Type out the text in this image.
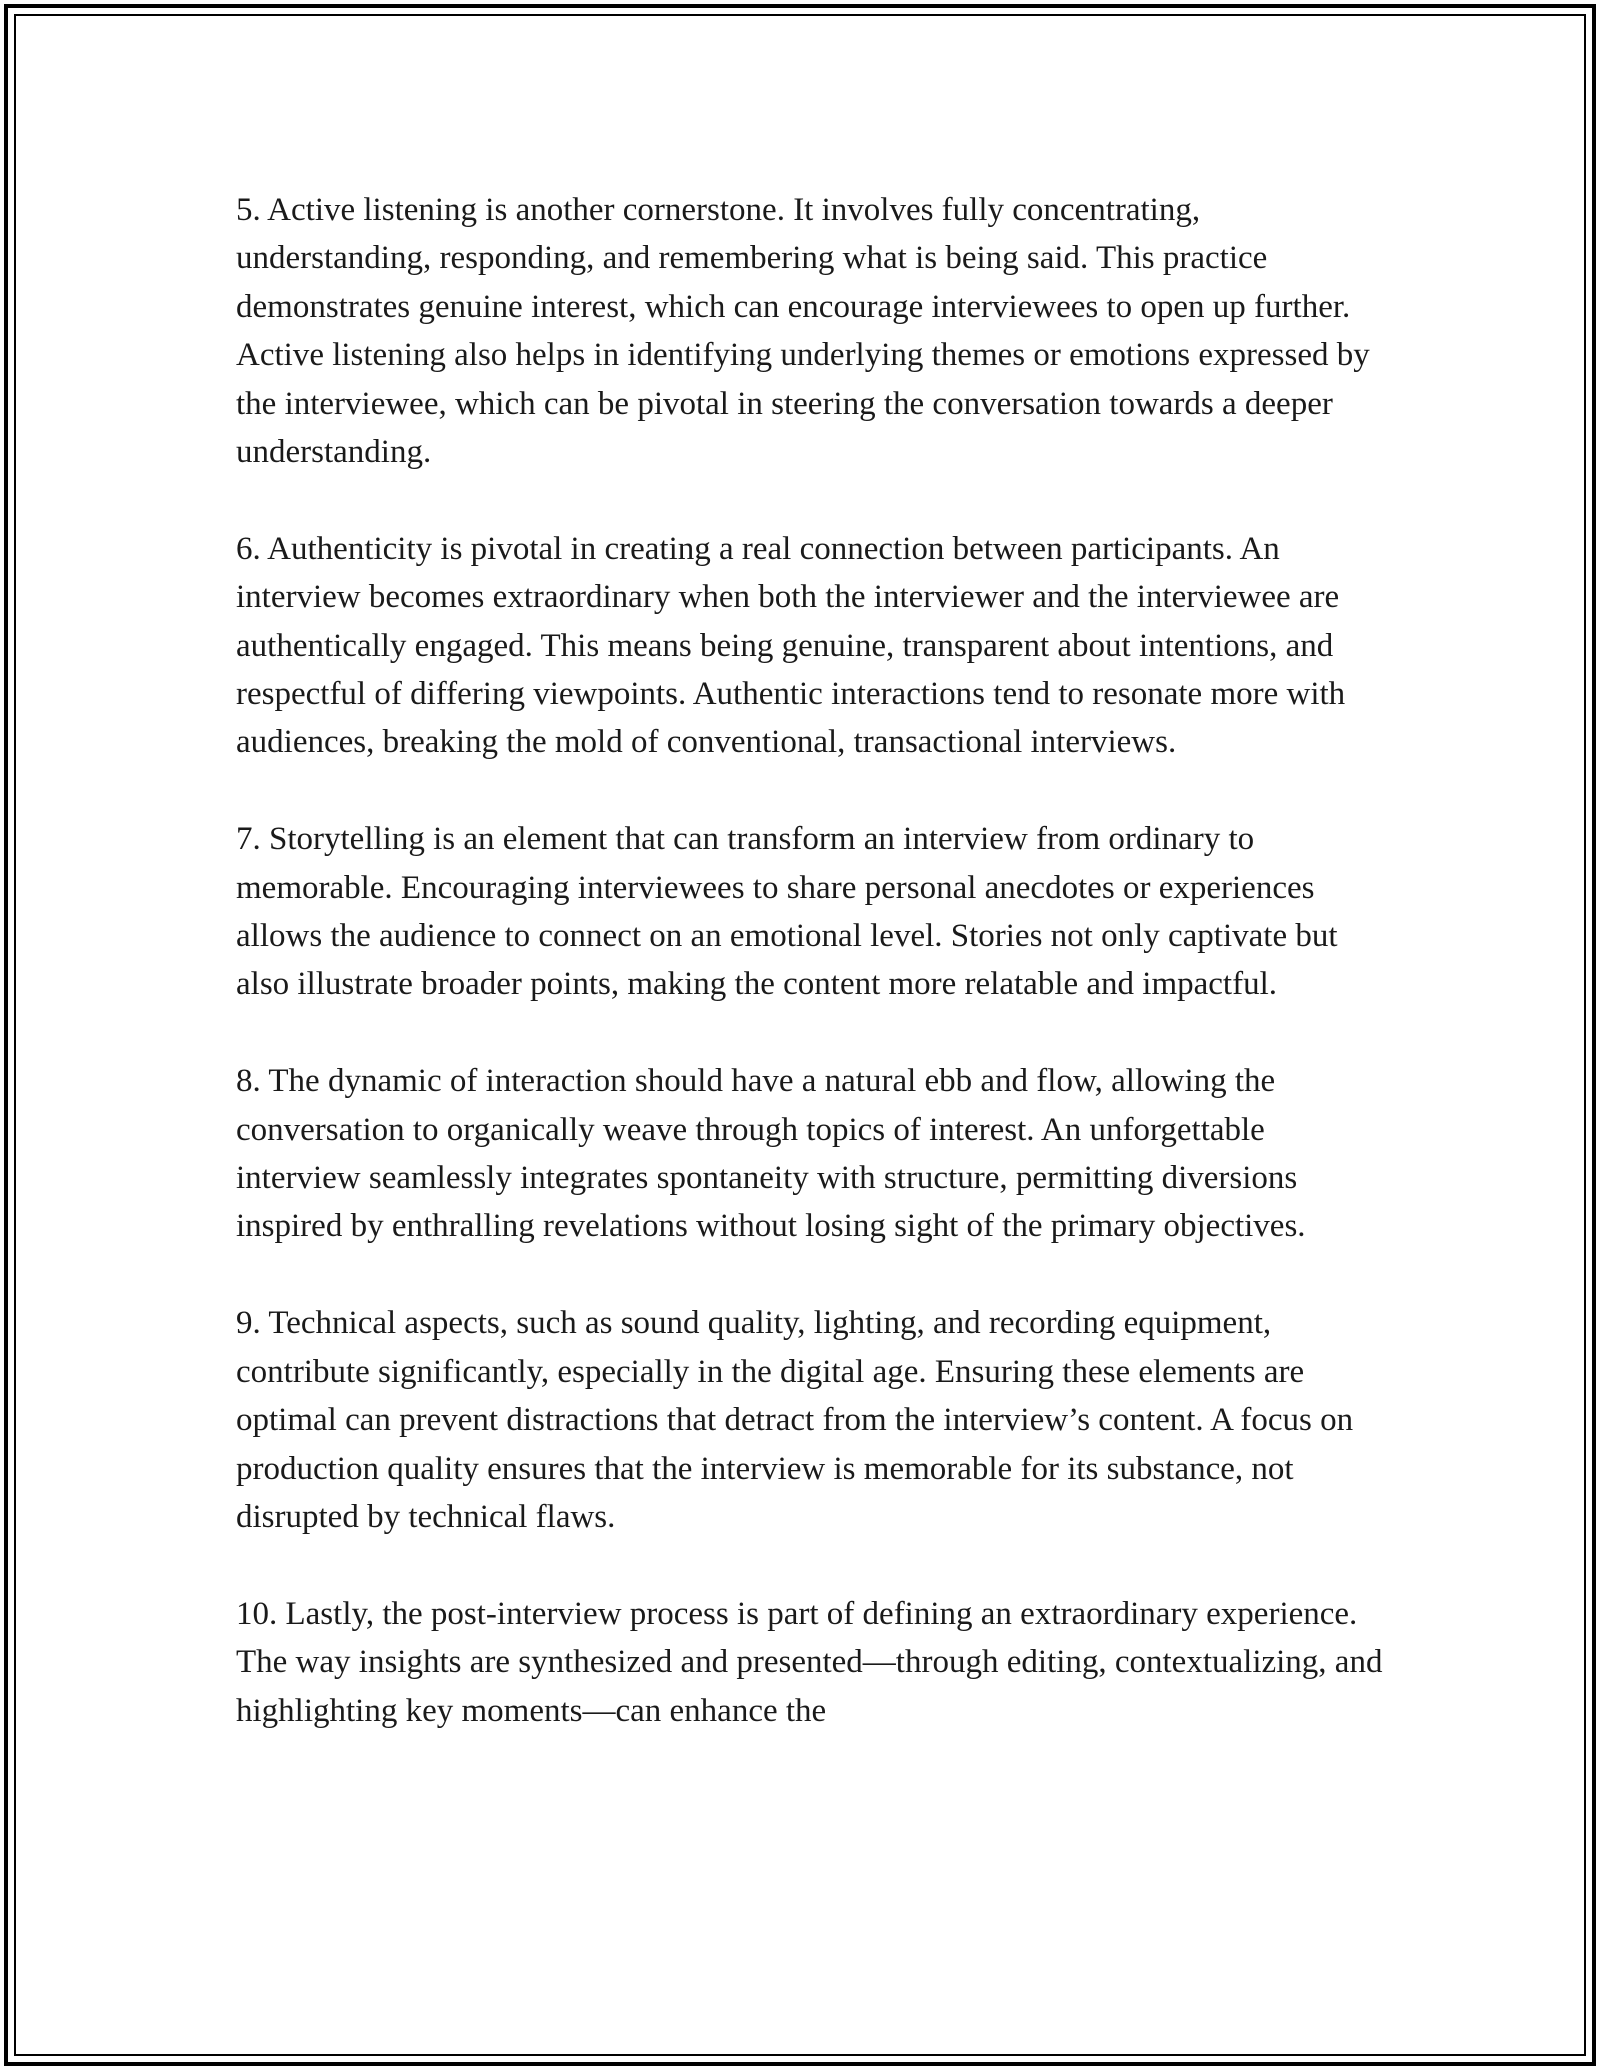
5. Active listening is another cornerstone. It involves fully concentrating, understanding, responding, and remembering what is being said. This practice demonstrates genuine interest, which can encourage interviewees to open up further. Active listening also helps in identifying underlying themes or emotions expressed by the interviewee, which can be pivotal in steering the conversation towards a deeper understanding.

6. Authenticity is pivotal in creating a real connection between participants. An interview becomes extraordinary when both the interviewer and the interviewee are authentically engaged. This means being genuine, transparent about intentions, and respectful of differing viewpoints. Authentic interactions tend to resonate more with audiences, breaking the mold of conventional, transactional interviews.

7. Storytelling is an element that can transform an interview from ordinary to memorable. Encouraging interviewees to share personal anecdotes or experiences allows the audience to connect on an emotional level. Stories not only captivate but also illustrate broader points, making the content more relatable and impactful.

8. The dynamic of interaction should have a natural ebb and flow, allowing the conversation to organically weave through topics of interest. An unforgettable interview seamlessly integrates spontaneity with structure, permitting diversions inspired by enthralling revelations without losing sight of the primary objectives.

9. Technical aspects, such as sound quality, lighting, and recording equipment, contribute significantly, especially in the digital age. Ensuring these elements are optimal can prevent distractions that detract from the interview’s content. A focus on production quality ensures that the interview is memorable for its substance, not disrupted by technical flaws.

10. Lastly, the post-interview process is part of defining an extraordinary experience. The way insights are synthesized and presented—through editing, contextualizing, and highlighting key moments—can enhance the
